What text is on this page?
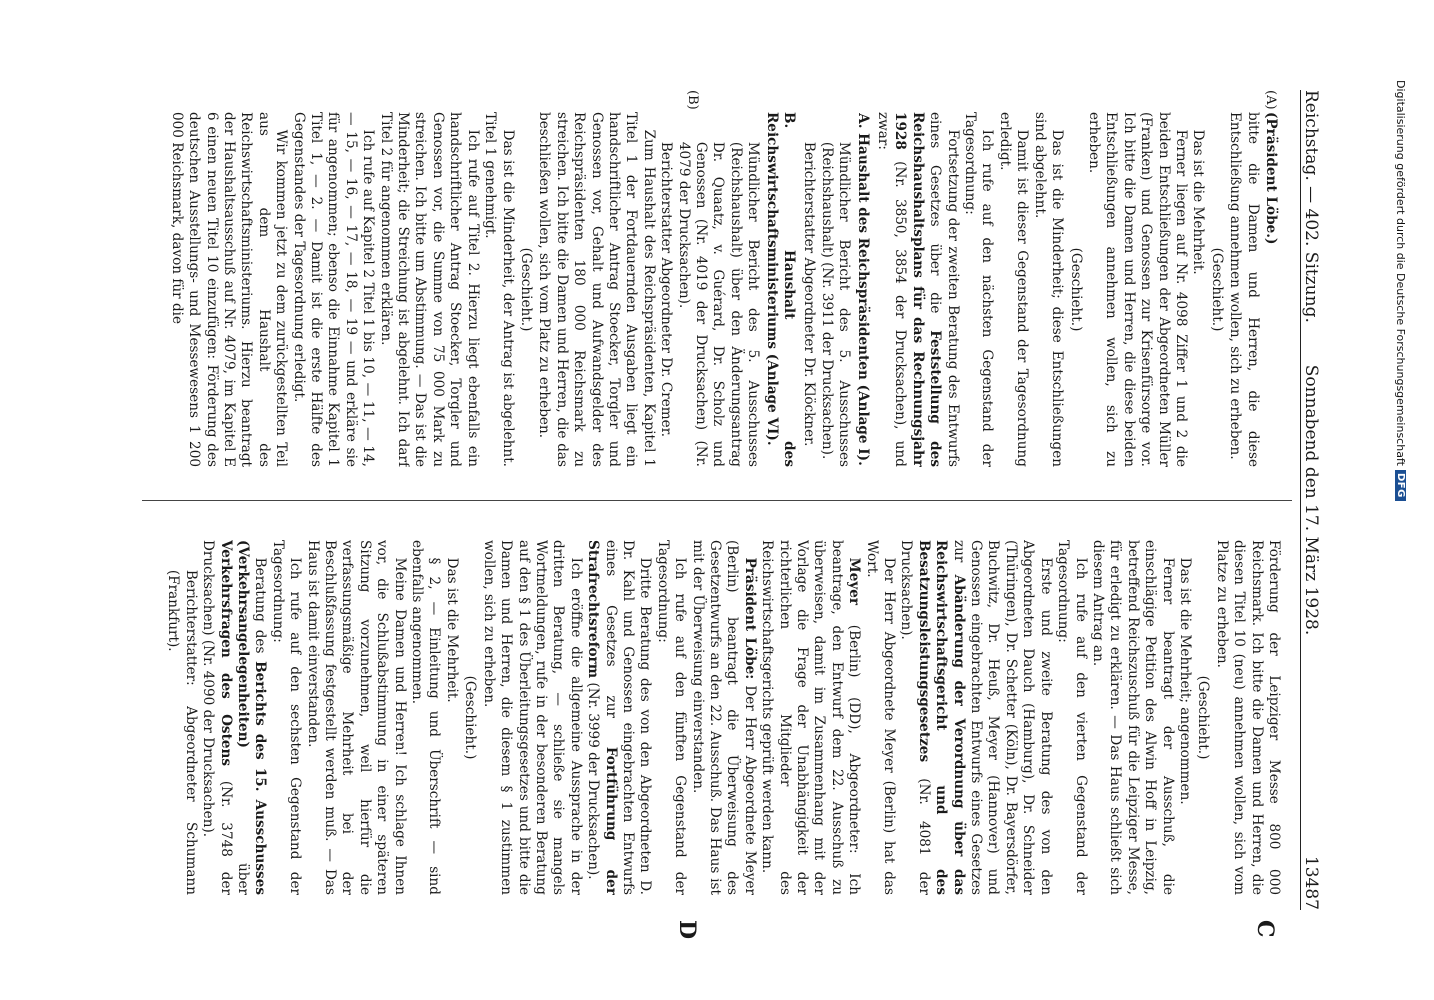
Reichstag. — 402. Sitzung.
Sonnabend den 17. März 1928.
13487
(A)
(B)
C
D

(Präsident Löbe.)

bitte die Damen und Herren, die diese Entschließung annehmen wollen, sich zu erheben.

(Geschieht.)

Das ist die Mehrheit.

Ferner liegen auf Nr. 4098 Ziffer 1 und 2 die beiden Entschließungen der Abgeordneten Müller (Franken) und Genossen zur Krisenfürsorge vor. Ich bitte die Damen und Herren, die diese beiden Entschließungen annehmen wollen, sich zu erheben.

(Geschieht.)

Das ist die Minderheit; diese Entschließungen sind abgelehnt.

Damit ist dieser Gegenstand der Tagesordnung erledigt.

Ich rufe auf den nächsten Gegenstand der Tagesordnung:

Fortsetzung der zweiten Beratung des Entwurfs eines Gesetzes über die Feststellung des Reichshaushaltsplans für das Rechnungsjahr 1928 (Nr. 3850, 3854 der Drucksachen), und zwar:

A. Haushalt des Reichspräsidenten (Anlage I).

Mündlicher Bericht des 5. Ausschusses (Reichshaushalt) (Nr. 3911 der Drucksachen).

Berichterstatter Abgeordneter Dr. Klöckner.

B. Haushalt des Reichswirtschaftsministeriums (Anlage VI).

Mündlicher Bericht des 5. Ausschusses (Reichshaushalt) über den Änderungsantrag Dr. Quaatz, v. Guérard, Dr. Scholz und Genossen (Nr. 4019 der Drucksachen) (Nr. 4079 der Drucksachen).

Berichterstatter Abgeordneter Dr. Cremer.

Zum Haushalt des Reichspräsidenten, Kapitel 1 Titel 1 der Fortdauernden Ausgaben liegt ein handschriftlicher Antrag Stoecker, Torgler und Genossen vor, Gehalt und Aufwandsgelder des Reichspräsidenten 180 000 Reichsmark zu streichen. Ich bitte die Damen und Herren, die das beschließen wollen, sich vom Platz zu erheben.

(Geschieht.)

Das ist die Minderheit, der Antrag ist abgelehnt. Titel 1 genehmigt.

Ich rufe auf Titel 2. Hierzu liegt ebenfalls ein handschriftlicher Antrag Stoecker, Torgler und Genossen vor, die Summe von 75 000 Mark zu streichen. Ich bitte um Abstimmung. — Das ist die Minderheit; die Streichung ist abgelehnt. Ich darf Titel 2 für angenommen erklären.

Ich rufe auf Kapitel 2 Titel 1 bis 10, — 11, — 14, — 15, — 16, — 17, — 18, — 19 — und erkläre sie für angenommen; ebenso die Einnahme Kapitel 1 Titel 1, — 2. — Damit ist die erste Hälfte des Gegenstandes der Tagesordnung erledigt.

Wir kommen jetzt zu dem zurückgestellten Teil aus dem Haushalt des Reichswirtschaftsministeriums. Hierzu beantragt der Haushaltsausschuß auf Nr. 4079, im Kapitel E 6 einen neuen Titel 10 einzufügen: Förderung des deutschen Ausstellungs- und Messewesens 1 200 000 Reichsmark, davon für die

Förderung der Leipziger Messe 800 000 Reichsmark. Ich bitte die Damen und Herren, die diesen Titel 10 (neu) annehmen wollen, sich vom Platze zu erheben.

(Geschieht.)

Das ist die Mehrheit; angenommen.

Ferner beantragt der Ausschuß, die einschlägige Petition des Alwin Hoff in Leipzig, betreffend Reichszuschuß für die Leipziger Messe, für erledigt zu erklären. — Das Haus schließt sich diesem Antrag an.

Ich rufe auf den vierten Gegenstand der Tagesordnung:

Erste und zweite Beratung des von den Abgeordneten Dauch (Hamburg), Dr. Schneider (Thüringen), Dr. Schetter (Köln), Dr. Bayersdörfer, Buchwitz, Dr. Heuß, Meyer (Hannover) und Genossen eingebrachten Entwurfs eines Gesetzes zur Abänderung der Verordnung über das Reichswirtschaftsgericht und des Besatzungsleistungsgesetzes (Nr. 4081 der Drucksachen).

Der Herr Abgeordnete Meyer (Berlin) hat das Wort.

Meyer (Berlin) (DD), Abgeordneter: Ich beantrage, den Entwurf dem 22. Ausschuß zu überweisen, damit im Zusammenhang mit der Vorlage die Frage der Unabhängigkeit der richterlichen Mitglieder des Reichswirtschaftsgerichts geprüft werden kann.

Präsident Löbe: Der Herr Abgeordnete Meyer (Berlin) beantragt die Überweisung des Gesetzentwurfs an den 22. Ausschuß. Das Haus ist mit der Überweisung einverstanden.

Ich rufe auf den fünften Gegenstand der Tagesordnung:

Dritte Beratung des von den Abgeordneten D. Dr. Kahl und Genossen eingebrachten Entwurfs eines Gesetzes zur Fortführung der Strafrechtsreform (Nr. 3999 der Drucksachen).

Ich eröffne die allgemeine Aussprache in der dritten Beratung, — schließe sie mangels Wortmeldungen, rufe in der besonderen Beratung auf den § 1 des Überleitungsgesetzes und bitte die Damen und Herren, die diesem § 1 zustimmen wollen, sich zu erheben.

(Geschieht.)

Das ist die Mehrheit.

§ 2, — Einleitung und Überschrift — sind ebenfalls angenommen.

Meine Damen und Herren! Ich schlage Ihnen vor, die Schlußabstimmung in einer späteren Sitzung vorzunehmen, weil hierfür die verfassungsmäßige Mehrheit bei der Beschlußfassung festgestellt werden muß. — Das Haus ist damit einverstanden.

Ich rufe auf den sechsten Gegenstand der Tagesordnung:

Beratung des Berichts des 15. Ausschusses (Verkehrsangelegenheiten) über Verkehrsfragen des Ostens (Nr. 3748 der Drucksachen) (Nr. 4090 der Drucksachen).

Berichterstatter: Abgeordneter Schumann (Frankfurt).

Digitalisierung gefördert durch die Deutsche Forschungsgemeinschaft
DFG
